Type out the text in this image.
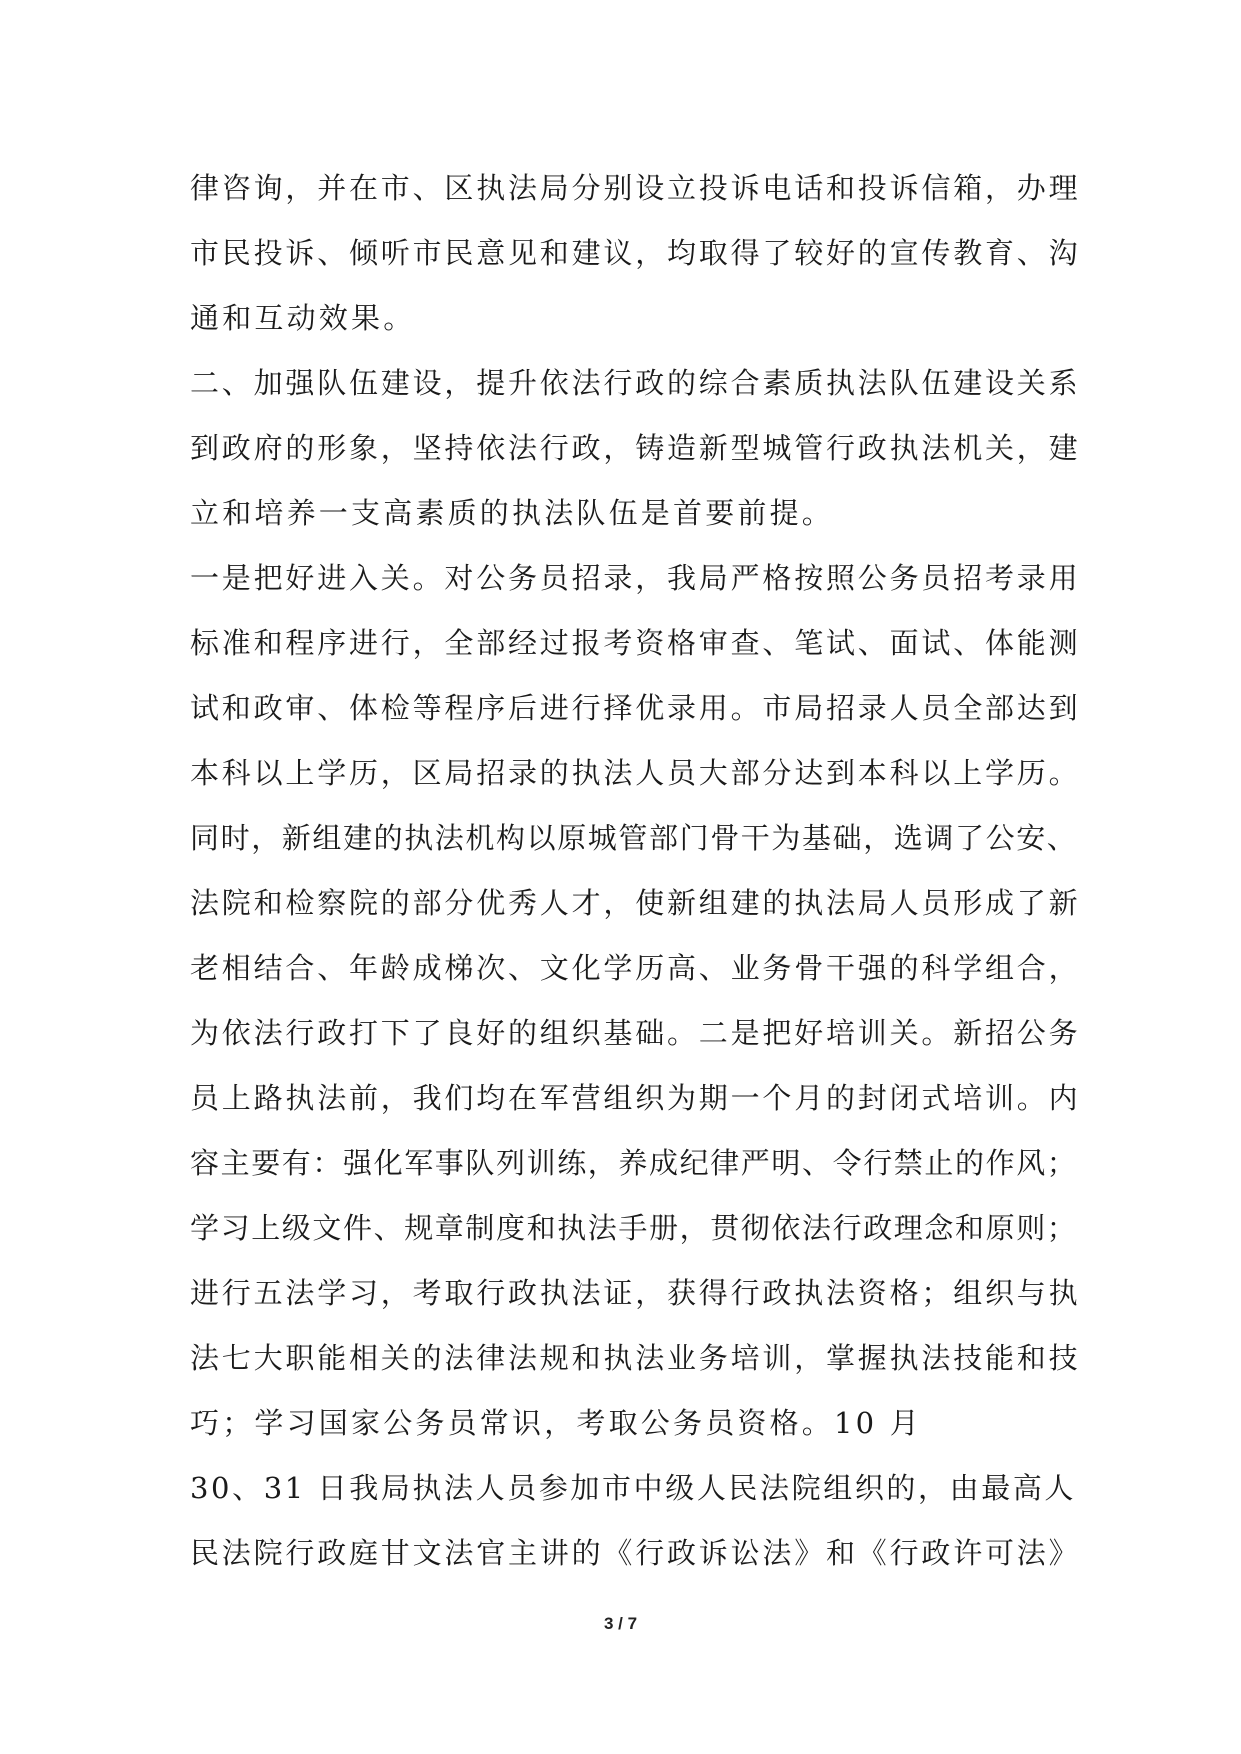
律咨询，并在市、区执法局分别设立投诉电话和投诉信箱，办理
市民投诉、倾听市民意见和建议，均取得了较好的宣传教育、沟
通和互动效果。
二、加强队伍建设，提升依法行政的综合素质执法队伍建设关系
到政府的形象，坚持依法行政，铸造新型城管行政执法机关，建
立和培养一支高素质的执法队伍是首要前提。
一是把好进入关。对公务员招录，我局严格按照公务员招考录用
标准和程序进行，全部经过报考资格审查、笔试、面试、体能测
试和政审、体检等程序后进行择优录用。市局招录人员全部达到
本科以上学历，区局招录的执法人员大部分达到本科以上学历。
同时，新组建的执法机构以原城管部门骨干为基础，选调了公安、
法院和检察院的部分优秀人才，使新组建的执法局人员形成了新
老相结合、年龄成梯次、文化学历高、业务骨干强的科学组合，
为依法行政打下了良好的组织基础。二是把好培训关。新招公务
员上路执法前，我们均在军营组织为期一个月的封闭式培训。内
容主要有：强化军事队列训练，养成纪律严明、令行禁止的作风；
学习上级文件、规章制度和执法手册，贯彻依法行政理念和原则；
进行五法学习，考取行政执法证，获得行政执法资格；组织与执
法七大职能相关的法律法规和执法业务培训，掌握执法技能和技
巧；学习国家公务员常识，考取公务员资格。10 月
30、31 日我局执法人员参加市中级人民法院组织的，由最高人
民法院行政庭甘文法官主讲的《行政诉讼法》和《行政许可法》
3 / 7
